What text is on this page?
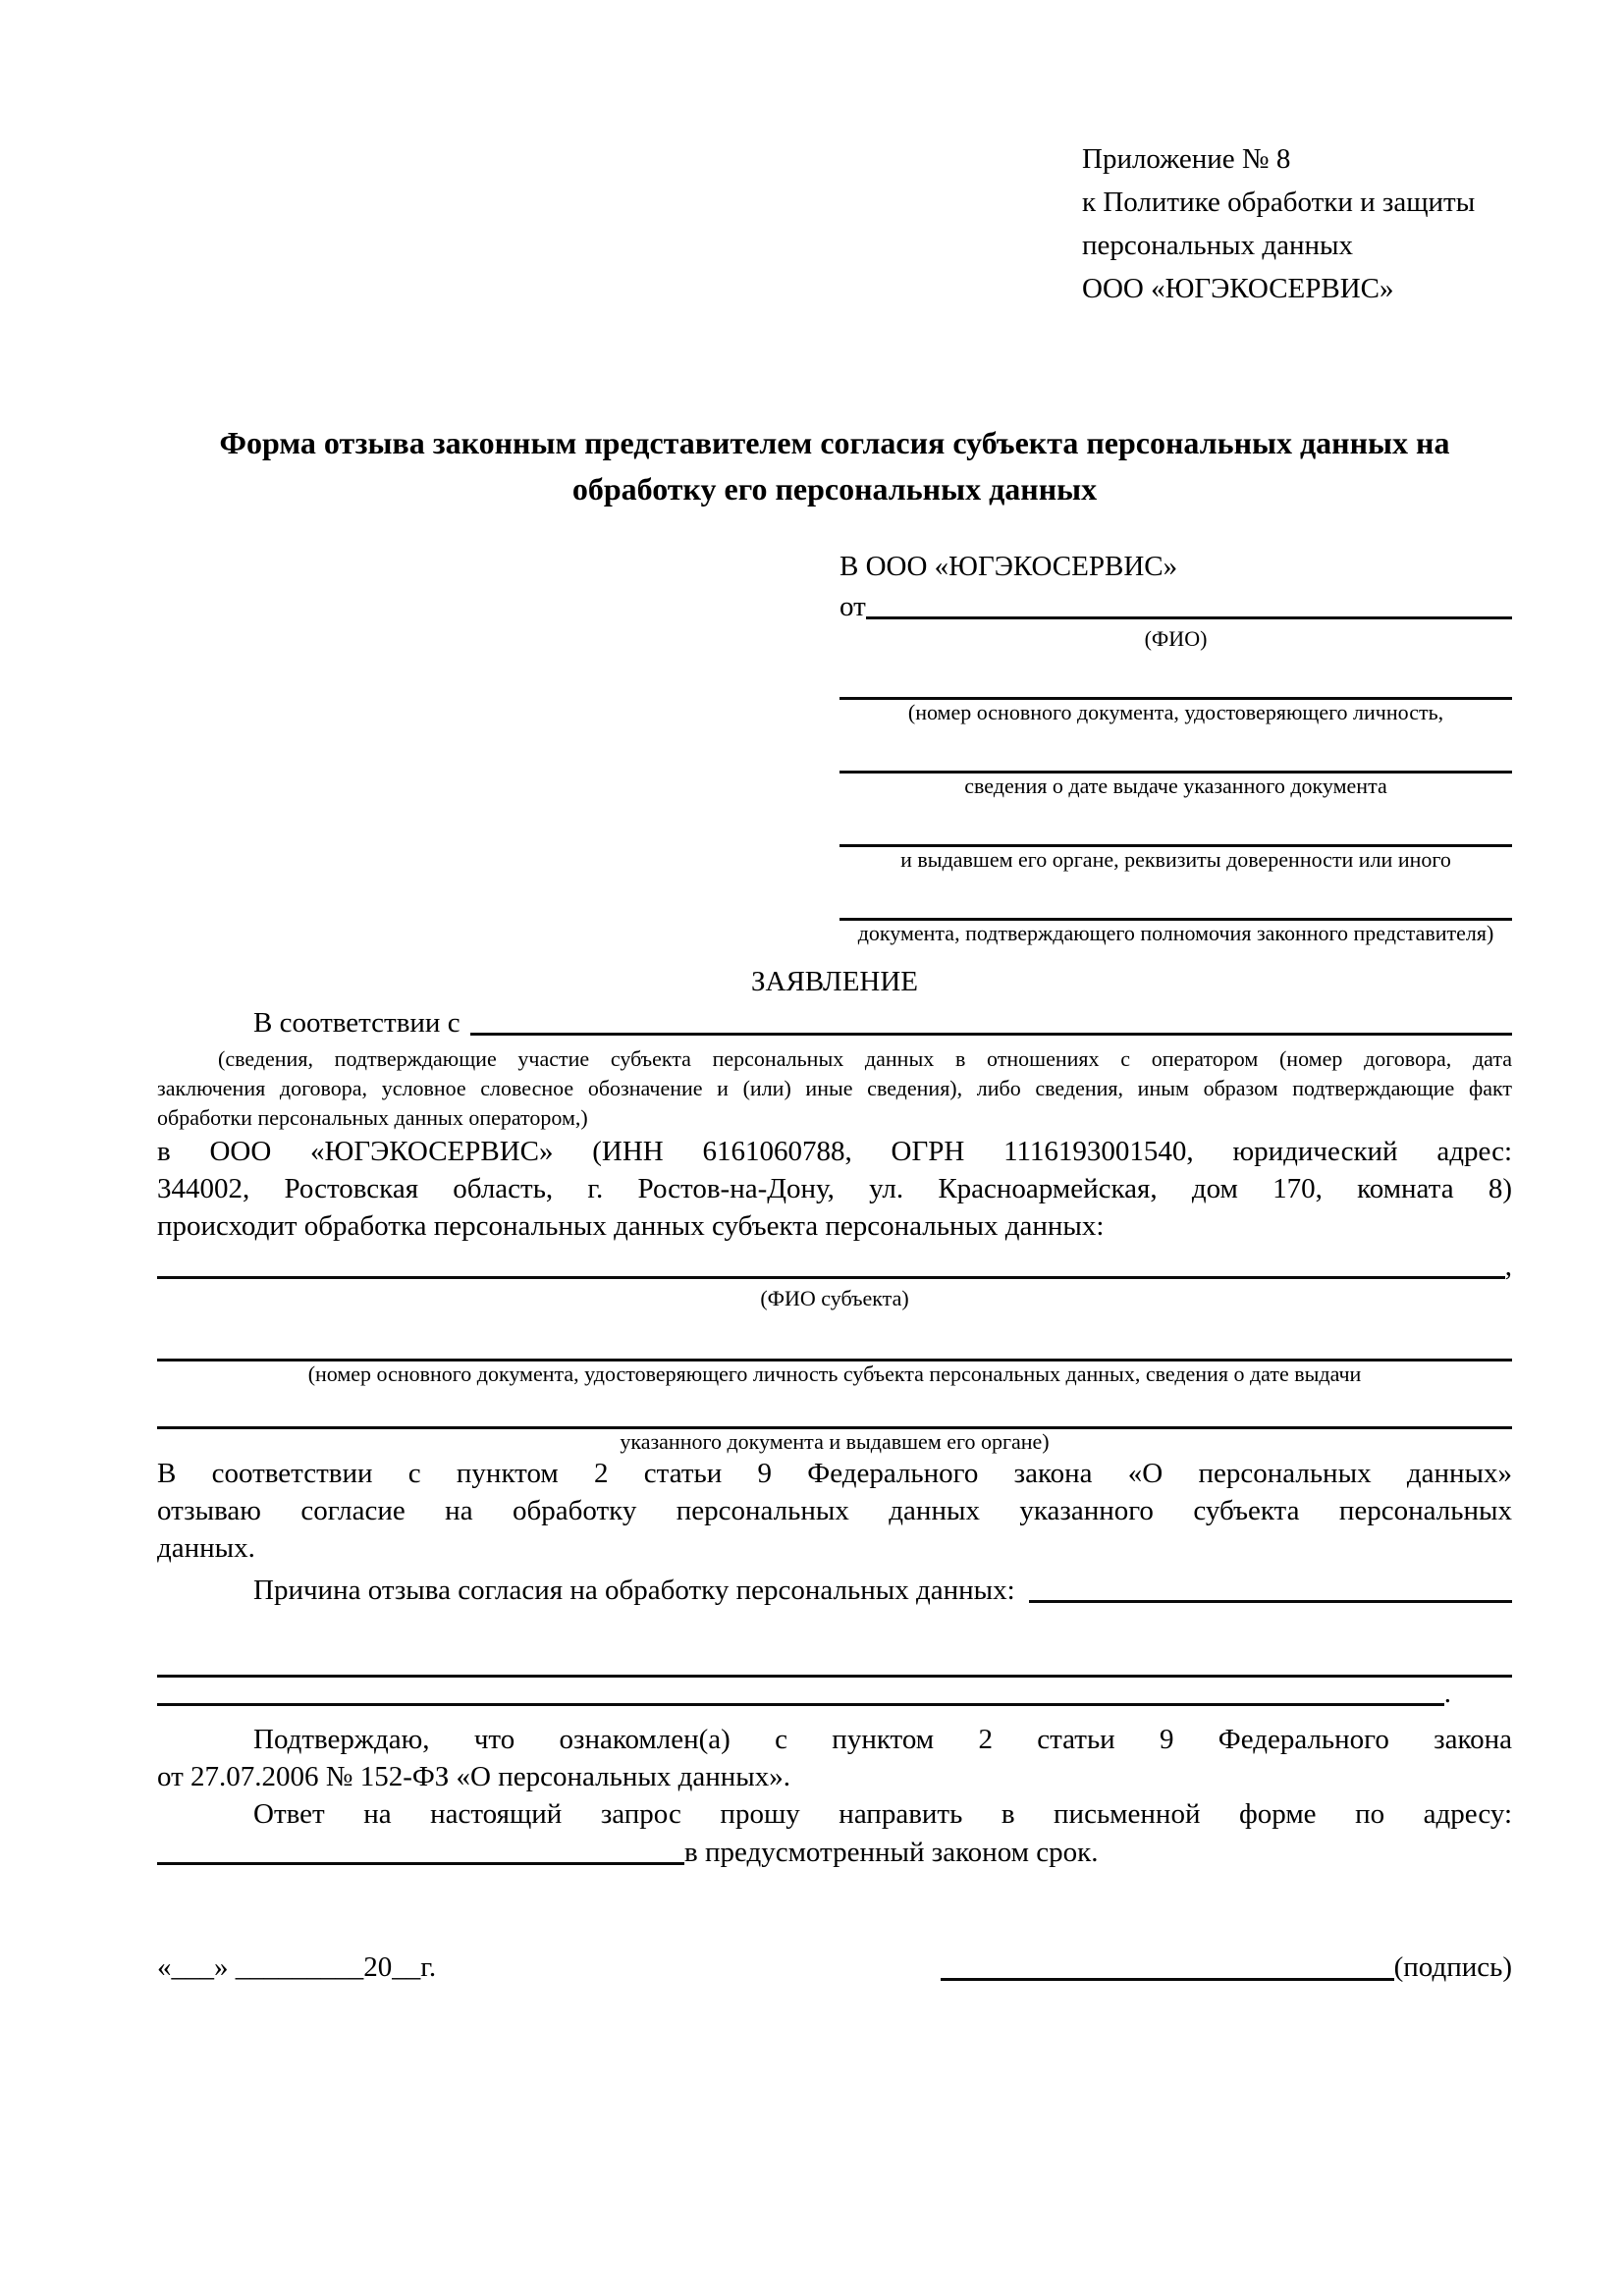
Приложение № 8
к Политике обработки и защиты
персональных данных
ООО «ЮГЭКОСЕРВИС»
Форма отзыва законным представителем согласия субъекта персональных данных на обработку его персональных данных
В ООО «ЮГЭКОСЕРВИС»
от
(ФИО)
(номер основного документа, удостоверяющего личность,
сведения о дате выдаче указанного документа
и выдавшем его органе, реквизиты доверенности или иного
документа, подтверждающего полномочия законного представителя)
ЗАЯВЛЕНИЕ
В соответствии с
(сведения, подтверждающие участие субъекта персональных данных в отношениях с оператором (номер договора, дата
заключения договора, условное словесное обозначение и (или) иные сведения), либо сведения, иным образом подтверждающие факт
обработки персональных данных оператором,)
в ООО «ЮГЭКОСЕРВИС» (ИНН 6161060788, ОГРН 1116193001540, юридический адрес:
344002, Ростовская область, г. Ростов-на-Дону, ул. Красноармейская, дом 170, комната 8)
происходит обработка персональных данных субъекта персональных данных:
,
(ФИО субъекта)
(номер основного документа, удостоверяющего личность субъекта персональных данных, сведения о дате выдачи
указанного документа и выдавшем его органе)
В соответствии с пунктом 2 статьи 9 Федерального закона «О персональных данных»
отзываю согласие на обработку персональных данных указанного субъекта персональных
данных.
Причина отзыва согласия на обработку персональных данных:
.
Подтверждаю, что ознакомлен(а) с пунктом 2 статьи 9 Федерального закона
от 27.07.2006 № 152-ФЗ «О персональных данных».
Ответ на настоящий запрос прошу направить в письменной форме по адресу:
в предусмотренный законом срок.
«___» _________20__г.	(подпись)
